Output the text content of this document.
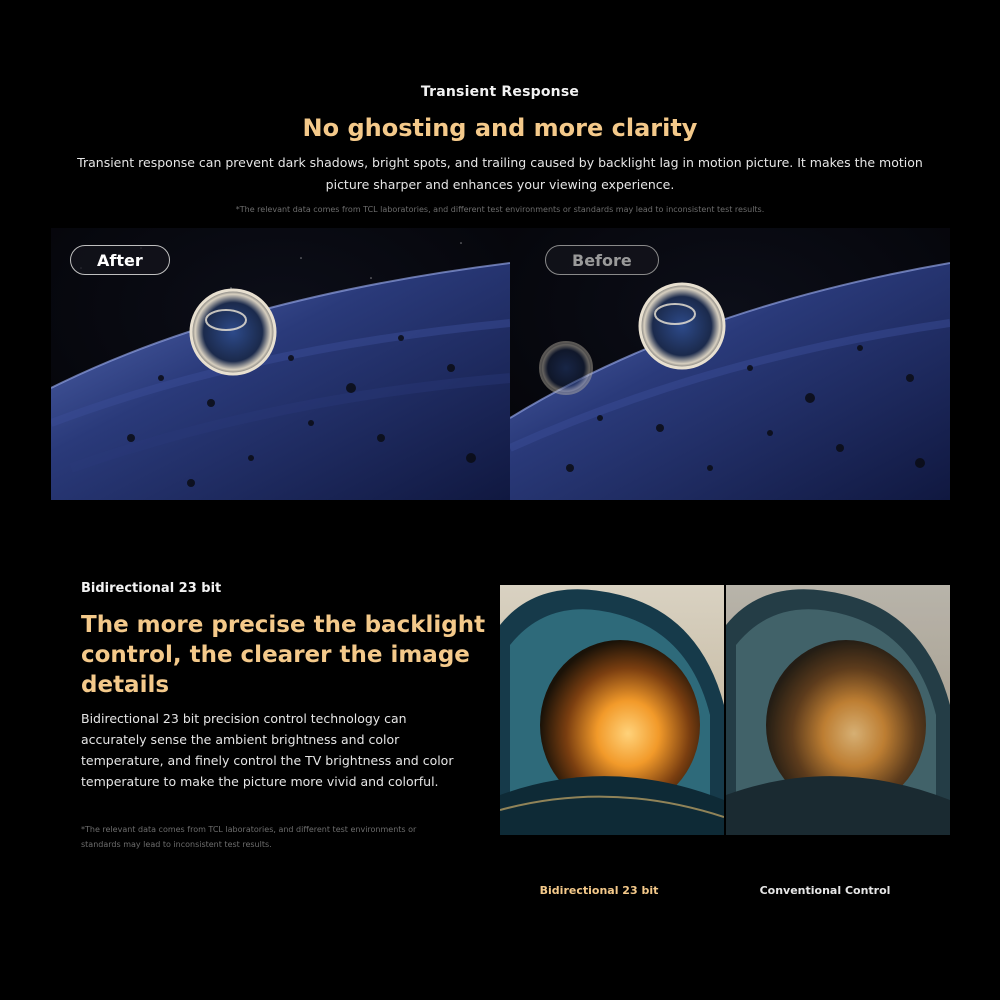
Transient Response
No ghosting and more clarity
Transient response can prevent dark shadows, bright spots, and trailing caused by backlight lag in motion picture. It makes the motion picture sharper and enhances your viewing experience.
*The relevant data comes from TCL laboratories, and different test environments or standards may lead to inconsistent test results.
After	Before
Bidirectional 23 bit
The more precise the backlight control, the clearer the image details
Bidirectional 23 bit precision control technology can accurately sense the ambient brightness and color temperature, and finely control the TV brightness and color temperature to make the picture more vivid and colorful.
*The relevant data comes from TCL laboratories, and different test environments or standards may lead to inconsistent test results.
Bidirectional 23 bit	Conventional Control
